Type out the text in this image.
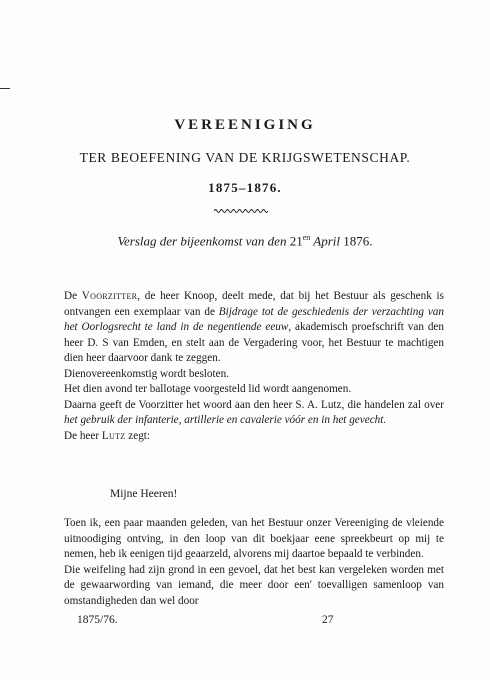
VEREENIGING
TER BEOEFENING VAN DE KRIJGSWETENSCHAP.
1875–1876.
Verslag der bijeenkomst van den $21^{en}$ April 1876.

De Voorzitter, de heer Knoop, deelt mede, dat bij het Bestuur als geschenk is ontvangen een exemplaar van de Bijdrage tot de geschiedenis der verzachting van het Oorlogsrecht te land in de negentiende eeuw, akademisch proefschrift van den heer D. S van Emden, en stelt aan de Vergadering voor, het Bestuur te machtigen dien heer daarvoor dank te zeggen.

Dienovereenkomstig wordt besloten.

Het dien avond ter ballotage voorgesteld lid wordt aangenomen.

Daarna geeft de Voorzitter het woord aan den heer S. A. Lutz, die handelen zal over het gebruik der infanterie, artillerie en cavalerie vóór en in het gevecht.

De heer Lutz zegt:

Mijne Heeren!

Toen ik, een paar maanden geleden, van het Bestuur onzer Vereeniging de vleiende uitnoodiging ontving, in den loop van dit boekjaar eene spreekbeurt op mij te nemen, heb ik eenigen tijd geaarzeld, alvorens mij daartoe bepaald te verbinden.

Die weifeling had zijn grond in een gevoel, dat het best kan vergeleken worden met de gewaarwording van iemand, die meer door een' toevalligen samenloop van omstandigheden dan wel door

1875/76.	27
